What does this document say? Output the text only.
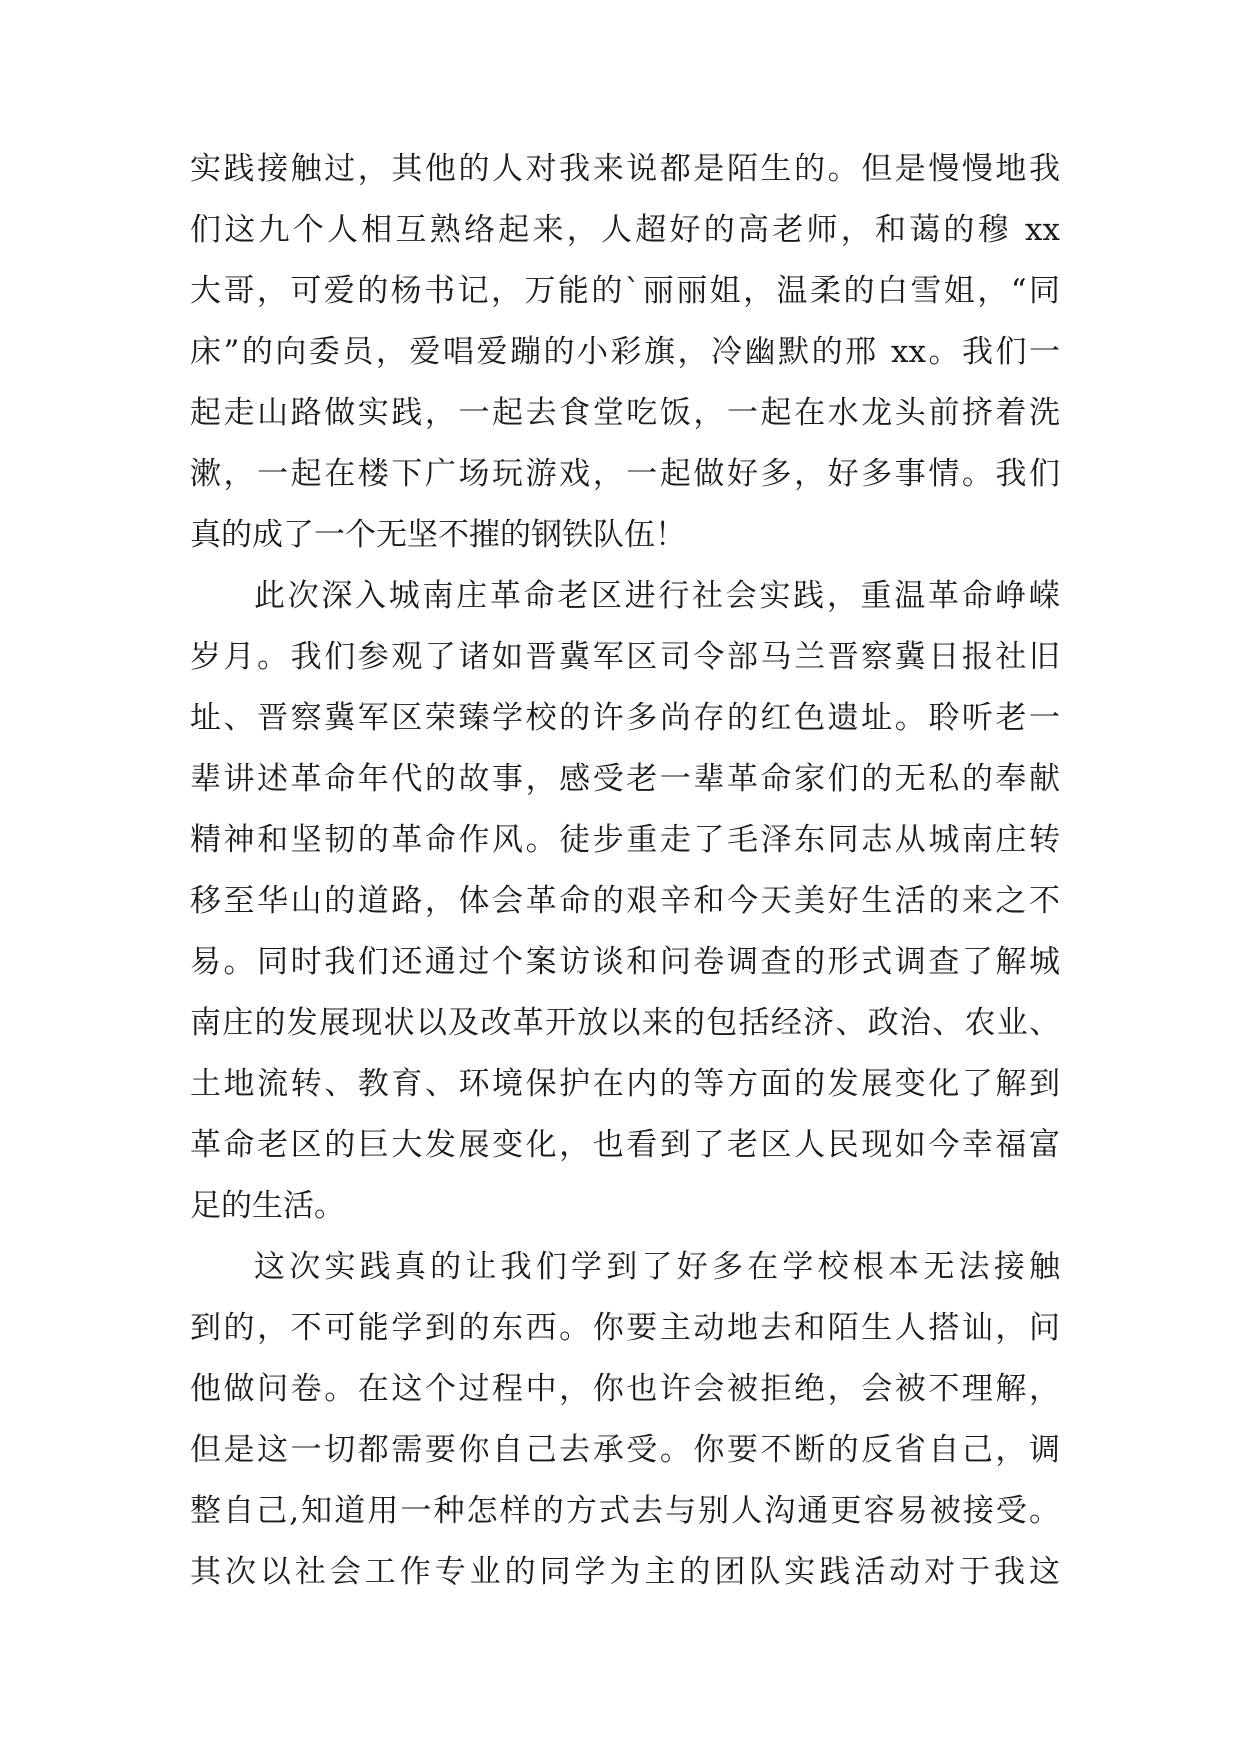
实践接触过，其他的人对我来说都是陌生的。但是慢慢地我
们这九个人相互熟络起来，人超好的高老师，和蔼的穆 xx
大哥，可爱的杨书记，万能的`丽丽姐，温柔的白雪姐，“同
床”的向委员，爱唱爱蹦的小彩旗，冷幽默的邢 xx。我们一
起走山路做实践，一起去食堂吃饭，一起在水龙头前挤着洗
漱，一起在楼下广场玩游戏，一起做好多，好多事情。我们
真的成了一个无坚不摧的钢铁队伍！
此次深入城南庄革命老区进行社会实践，重温革命峥嵘
岁月。我们参观了诸如晋冀军区司令部马兰晋察冀日报社旧
址、晋察冀军区荣臻学校的许多尚存的红色遗址。聆听老一
辈讲述革命年代的故事，感受老一辈革命家们的无私的奉献
精神和坚韧的革命作风。徒步重走了毛泽东同志从城南庄转
移至华山的道路，体会革命的艰辛和今天美好生活的来之不
易。同时我们还通过个案访谈和问卷调查的形式调查了解城
南庄的发展现状以及改革开放以来的包括经济、政治、农业、
土地流转、教育、环境保护在内的等方面的发展变化了解到
革命老区的巨大发展变化，也看到了老区人民现如今幸福富
足的生活。
这次实践真的让我们学到了好多在学校根本无法接触
到的，不可能学到的东西。你要主动地去和陌生人搭讪，问
他做问卷。在这个过程中，你也许会被拒绝，会被不理解，
但是这一切都需要你自己去承受。你要不断的反省自己，调
整自己,知道用一种怎样的方式去与别人沟通更容易被接受。
其次以社会工作专业的同学为主的团队实践活动对于我这
